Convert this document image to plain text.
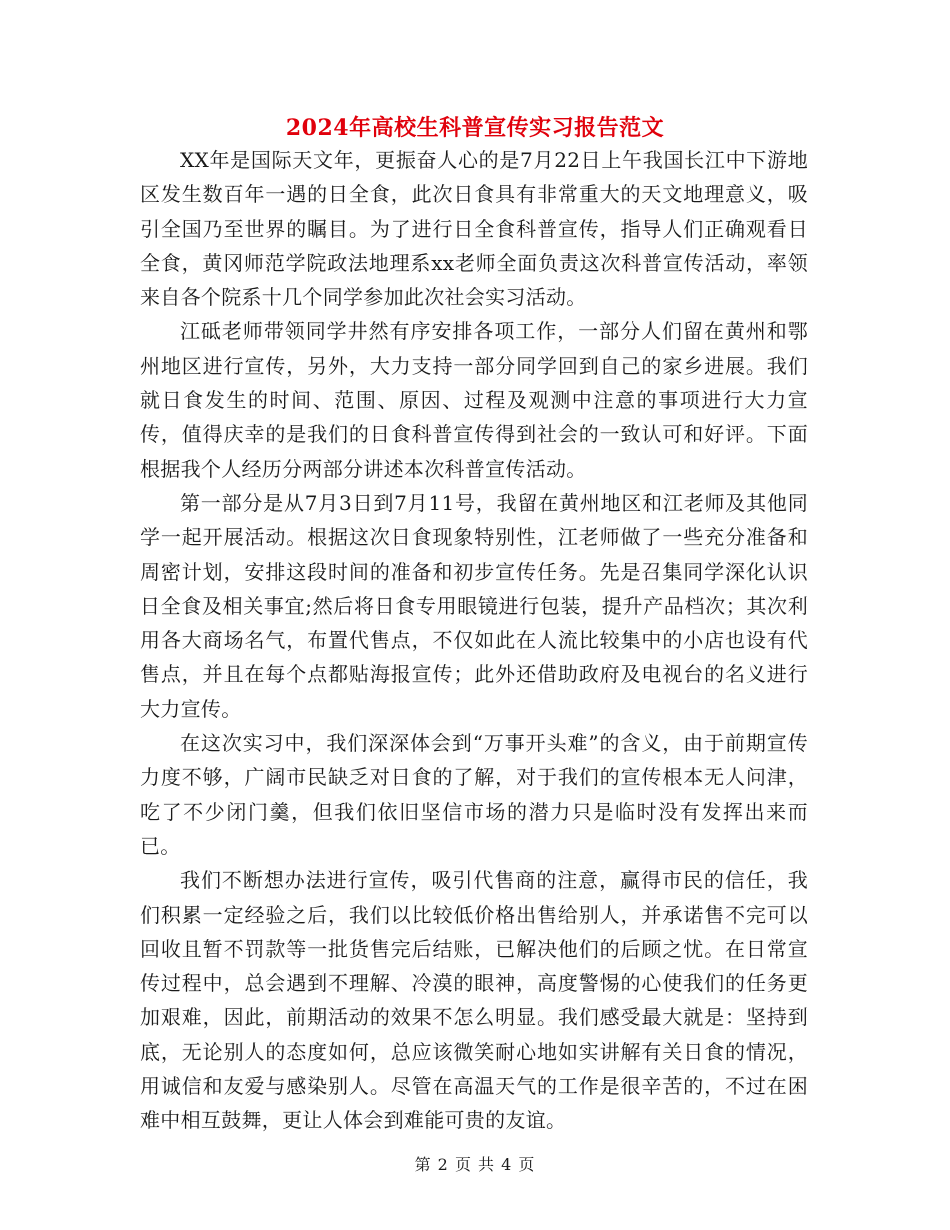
2024年高校生科普宣传实习报告范文

XX年是国际天文年，更振奋人心的是7月22日上午我国长江中下游地区发生数百年一遇的日全食，此次日食具有非常重大的天文地理意义，吸引全国乃至世界的瞩目。为了进行日全食科普宣传，指导人们正确观看日全食，黄冈师范学院政法地理系xx老师全面负责这次科普宣传活动，率领来自各个院系十几个同学参加此次社会实习活动。

江砥老师带领同学井然有序安排各项工作，一部分人们留在黄州和鄂州地区进行宣传，另外，大力支持一部分同学回到自己的家乡进展。我们就日食发生的时间、范围、原因、过程及观测中注意的事项进行大力宣传，值得庆幸的是我们的日食科普宣传得到社会的一致认可和好评。下面根据我个人经历分两部分讲述本次科普宣传活动。

第一部分是从7月3日到7月11号，我留在黄州地区和江老师及其他同学一起开展活动。根据这次日食现象特别性，江老师做了一些充分准备和周密计划，安排这段时间的准备和初步宣传任务。先是召集同学深化认识日全食及相关事宜;然后将日食专用眼镜进行包装，提升产品档次；其次利用各大商场名气，布置代售点，不仅如此在人流比较集中的小店也设有代售点，并且在每个点都贴海报宣传；此外还借助政府及电视台的名义进行大力宣传。

在这次实习中，我们深深体会到“万事开头难”的含义，由于前期宣传力度不够，广阔市民缺乏对日食的了解，对于我们的宣传根本无人问津，吃了不少闭门羹，但我们依旧坚信市场的潜力只是临时没有发挥出来而已。

我们不断想办法进行宣传，吸引代售商的注意，赢得市民的信任，我们积累一定经验之后，我们以比较低价格出售给别人，并承诺售不完可以回收且暂不罚款等一批货售完后结账，已解决他们的后顾之忧。在日常宣传过程中，总会遇到不理解、冷漠的眼神，高度警惕的心使我们的任务更加艰难，因此，前期活动的效果不怎么明显。我们感受最大就是：坚持到底，无论别人的态度如何，总应该微笑耐心地如实讲解有关日食的情况，用诚信和友爱与感染别人。尽管在高温天气的工作是很辛苦的，不过在困难中相互鼓舞，更让人体会到难能可贵的友谊。

第 2 页 共 4 页
